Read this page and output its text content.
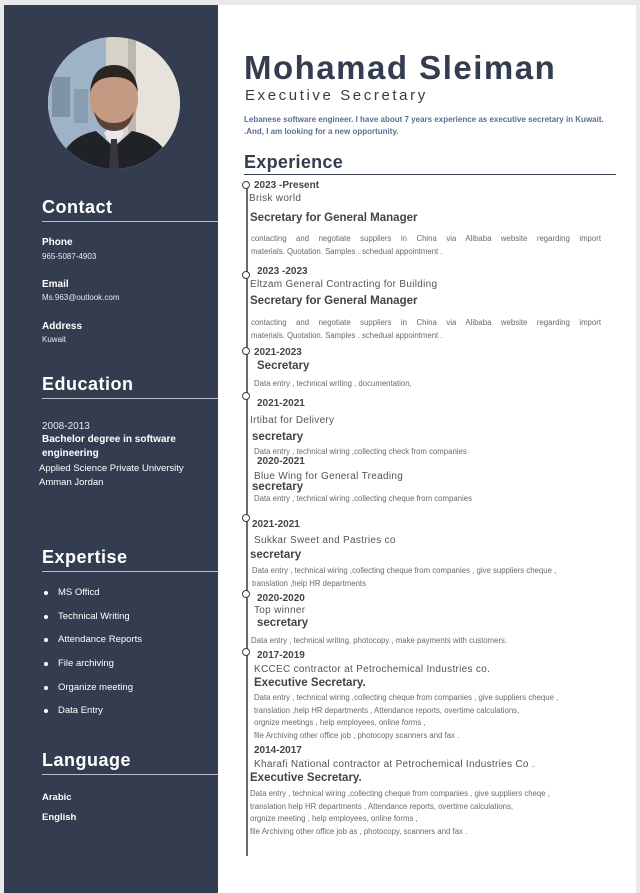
Contact
Phone
965-5087-4903
Email
Ms.963@outlook.com
Address
Kuwait
Education
2008-2013
Bachelor degree in software engineering
Applied Science Private University
Amman Jordan
Expertise
MS Officd
Technical Writing
Attendance Reports
File archiving
Organize meeting
Data Entry
Language
Arabic
English
Mohamad Sleiman
Executive Secretary
Lebanese software engineer. I have about 7 years experience as executive secretary in Kuwait. .And, I am looking for a new opportunity.
Experience
2023 -Present
Brisk world
Secretary for General Manager
contacting and negotiate suppliers in China via Alibaba website regarding import
materials. Quotation. Samples . schedual appointment .
2023 -2023
Eltzam General Contracting for Building
Secretary for General Manager
contacting and negotiate suppliers in China via Alibaba website regarding import
materials. Quotation. Samples . schedual appointment .
2021-2023
Secretary
Data entry , technical writing , documentation,
2021-2021
Irtibat for Delivery
secretary
Data entry , technical wiring ,collecting check from companies
2020-2021
Blue Wing for General Treading
secretary
Data entry , technical wiring ,collecting cheque from companies
2021-2021
Sukkar Sweet and Pastries co
secretary
Data entry , technical wiring ,collecting cheque from companies , give suppliers cheque ,
translation ,help HR departments
2020-2020
Top winner
secretary
Data entry , technical writing, photocopy , make payments with customers.
2017-2019
KCCEC contractor at Petrochemical Industries co.
Executive Secretary.
Data entry , technical wiring ,collecting cheque from companies , give suppliers cheque ,
translation ,help HR departments , Attendance reports, overtime calculations,
orgnize meetings , help employees, online forms ,
file Archiving other office job , photocopy scanners and fax .
2014-2017
Kharafi National contractor at Petrochemical Industries Co .
Executive Secretary.
Data entry , technical wiring ,collecting cheque from companies , give suppliers cheqe ,
translation help HR departments , Attendance reports, overtime calculations,
orgnize meeting , help employees, online forms ,
file Archiving other office job as , photocopy, scanners and fax .
